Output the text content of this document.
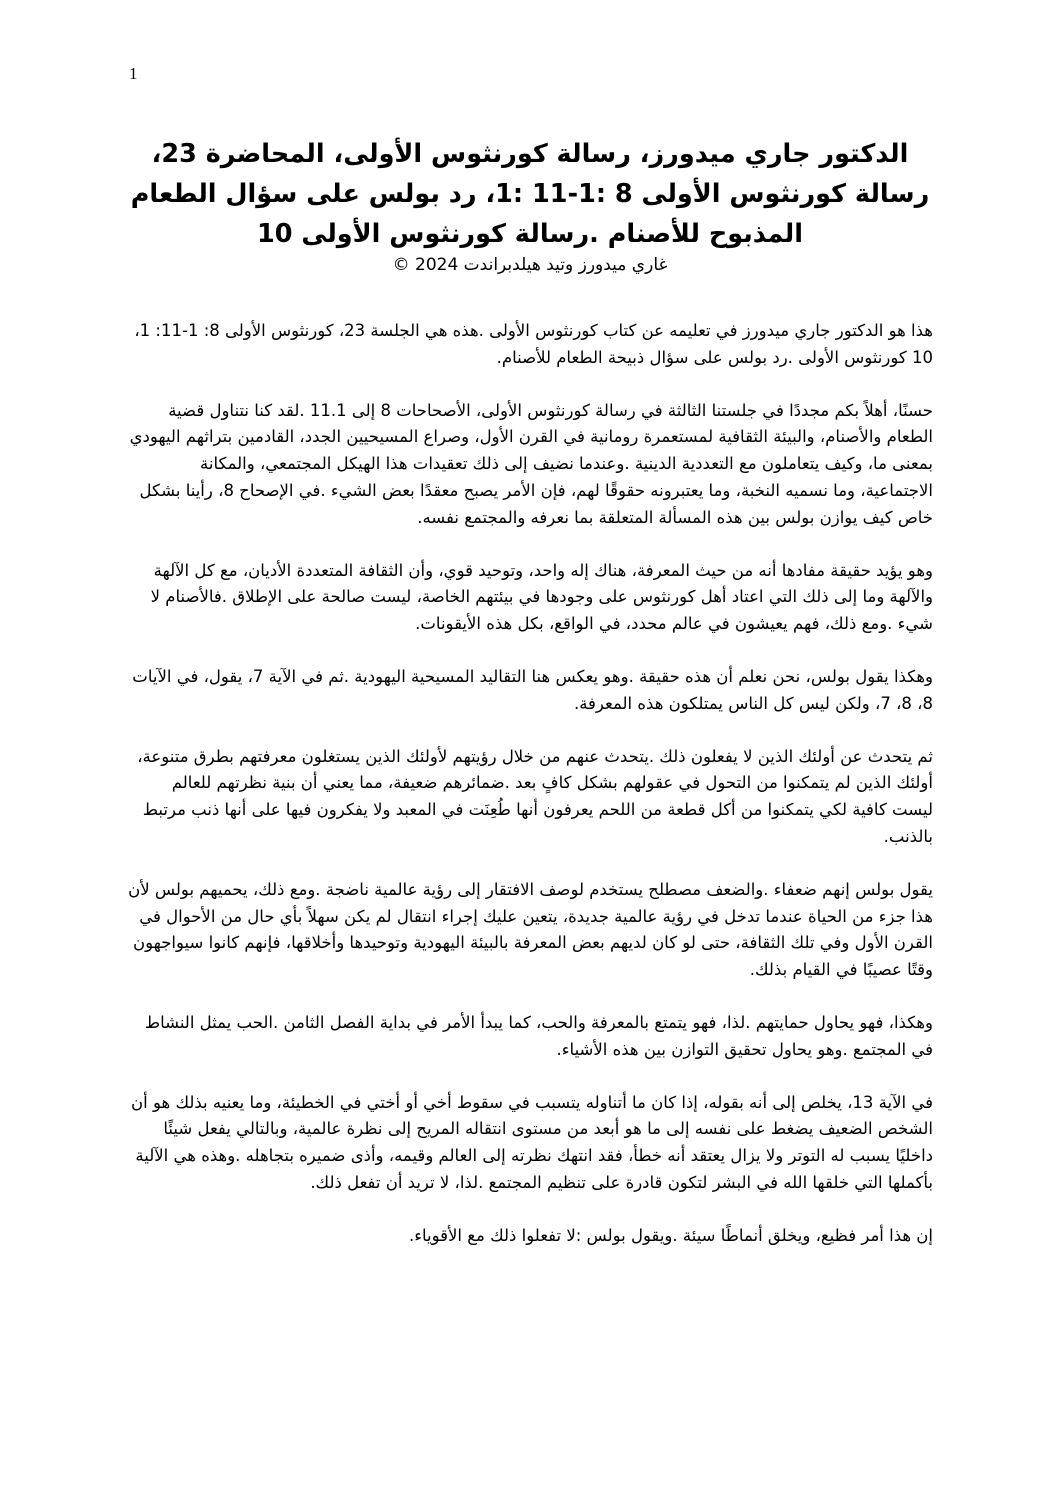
1
الدكتور جاري ميدورز، رسالة كورنثوس الأولى، المحاضرة 23، رسالة كورنثوس الأولى 8 :1-11 :1، رد بولس على سؤال الطعام المذبوح للأصنام .رسالة كورنثوس الأولى 10

غاري ميدورز وتيد هيلدبراندت 2024 ©

هذا هو الدكتور جاري ميدورز في تعليمه عن كتاب كورنثوس الأولى .هذه هي الجلسة 23، كورنثوس الأولى 8: 1-11: 1، 10 كورنثوس الأولى .رد بولس على سؤال ذبيحة الطعام للأصنام.

حسنًا، أهلاً بكم مجددًا في جلستنا الثالثة في رسالة كورنثوس الأولى، الأصحاحات 8 إلى 11.1 .لقد كنا نتناول قضية الطعام والأصنام، والبيئة الثقافية لمستعمرة رومانية في القرن الأول، وصراع المسيحيين الجدد، القادمين بتراثهم اليهودي بمعنى ما، وكيف يتعاملون مع التعددية الدينية .وعندما نضيف إلى ذلك تعقيدات هذا الهيكل المجتمعي، والمكانة الاجتماعية، وما نسميه النخبة، وما يعتبرونه حقوقًا لهم، فإن الأمر يصبح معقدًا بعض الشيء .في الإصحاح 8، رأينا بشكل خاص كيف يوازن بولس بين هذه المسألة المتعلقة بما نعرفه والمجتمع نفسه.

وهو يؤيد حقيقة مفادها أنه من حيث المعرفة، هناك إله واحد، وتوحيد قوي، وأن الثقافة المتعددة الأديان، مع كل الآلهة والآلهة وما إلى ذلك التي اعتاد أهل كورنثوس على وجودها في بيئتهم الخاصة، ليست صالحة على الإطلاق .فالأصنام لا شيء .ومع ذلك، فهم يعيشون في عالم محدد، في الواقع، بكل هذه الأيقونات.

وهكذا يقول بولس، نحن نعلم أن هذه حقيقة .وهو يعكس هنا التقاليد المسيحية اليهودية .ثم في الآية 7، يقول، في الآيات 8، 8، 7، ولكن ليس كل الناس يمتلكون هذه المعرفة.

ثم يتحدث عن أولئك الذين لا يفعلون ذلك .يتحدث عنهم من خلال رؤيتهم لأولئك الذين يستغلون معرفتهم بطرق متنوعة، أولئك الذين لم يتمكنوا من التحول في عقولهم بشكل كافٍ بعد .ضمائرهم ضعيفة، مما يعني أن بنية نظرتهم للعالم ليست كافية لكي يتمكنوا من أكل قطعة من اللحم يعرفون أنها طُعِنَت في المعبد ولا يفكرون فيها على أنها ذنب مرتبط بالذنب.

يقول بولس إنهم ضعفاء .والضعف مصطلح يستخدم لوصف الافتقار إلى رؤية عالمية ناضجة .ومع ذلك، يحميهم بولس لأن هذا جزء من الحياة عندما تدخل في رؤية عالمية جديدة، يتعين عليك إجراء انتقال لم يكن سهلاً بأي حال من الأحوال في القرن الأول وفي تلك الثقافة، حتى لو كان لديهم بعض المعرفة بالبيئة اليهودية وتوحيدها وأخلاقها، فإنهم كانوا سيواجهون وقتًا عصيبًا في القيام بذلك.

وهكذا، فهو يحاول حمايتهم .لذا، فهو يتمتع بالمعرفة والحب، كما يبدأ الأمر في بداية الفصل الثامن .الحب يمثل النشاط في المجتمع .وهو يحاول تحقيق التوازن بين هذه الأشياء.

في الآية 13، يخلص إلى أنه بقوله، إذا كان ما أتناوله يتسبب في سقوط أخي أو أختي في الخطيئة، وما يعنيه بذلك هو أن الشخص الضعيف يضغط على نفسه إلى ما هو أبعد من مستوى انتقاله المريح إلى نظرة عالمية، وبالتالي يفعل شيئًا داخليًا يسبب له التوتر ولا يزال يعتقد أنه خطأ، فقد انتهك نظرته إلى العالم وقيمه، وأذى ضميره بتجاهله .وهذه هي الآلية بأكملها التي خلقها الله في البشر لتكون قادرة على تنظيم المجتمع .لذا، لا تريد أن تفعل ذلك.

إن هذا أمر فظيع، ويخلق أنماطًا سيئة .ويقول بولس :لا تفعلوا ذلك مع الأقوياء.
